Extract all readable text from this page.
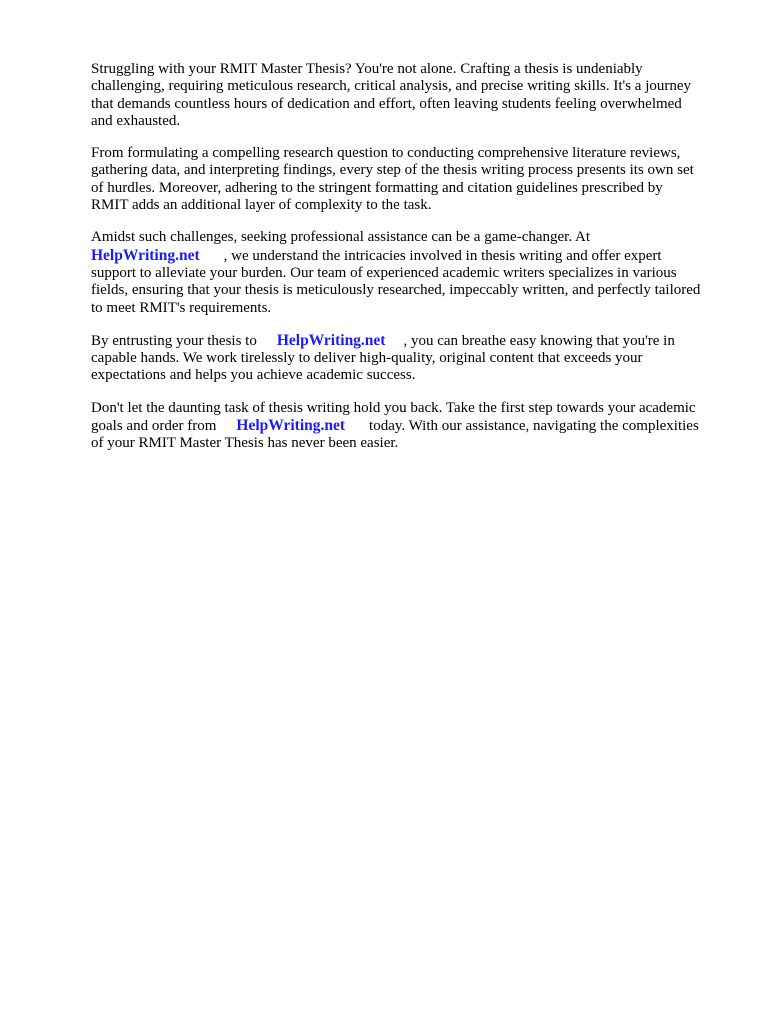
Struggling with your RMIT Master Thesis? You're not alone. Crafting a thesis is undeniably
challenging, requiring meticulous research, critical analysis, and precise writing skills. It's a journey
that demands countless hours of dedication and effort, often leaving students feeling overwhelmed
and exhausted.

From formulating a compelling research question to conducting comprehensive literature reviews,
gathering data, and interpreting findings, every step of the thesis writing process presents its own set
of hurdles. Moreover, adhering to the stringent formatting and citation guidelines prescribed by
RMIT adds an additional layer of complexity to the task.

Amidst such challenges, seeking professional assistance can be a game-changer. At
HelpWriting.net , we understand the intricacies involved in thesis writing and offer expert
support to alleviate your burden. Our team of experienced academic writers specializes in various
fields, ensuring that your thesis is meticulously researched, impeccably written, and perfectly tailored
to meet RMIT's requirements.

By entrusting your thesis to HelpWriting.net , you can breathe easy knowing that you're in
capable hands. We work tirelessly to deliver high-quality, original content that exceeds your
expectations and helps you achieve academic success.

Don't let the daunting task of thesis writing hold you back. Take the first step towards your academic
goals and order from HelpWriting.net today. With our assistance, navigating the complexities
of your RMIT Master Thesis has never been easier.
